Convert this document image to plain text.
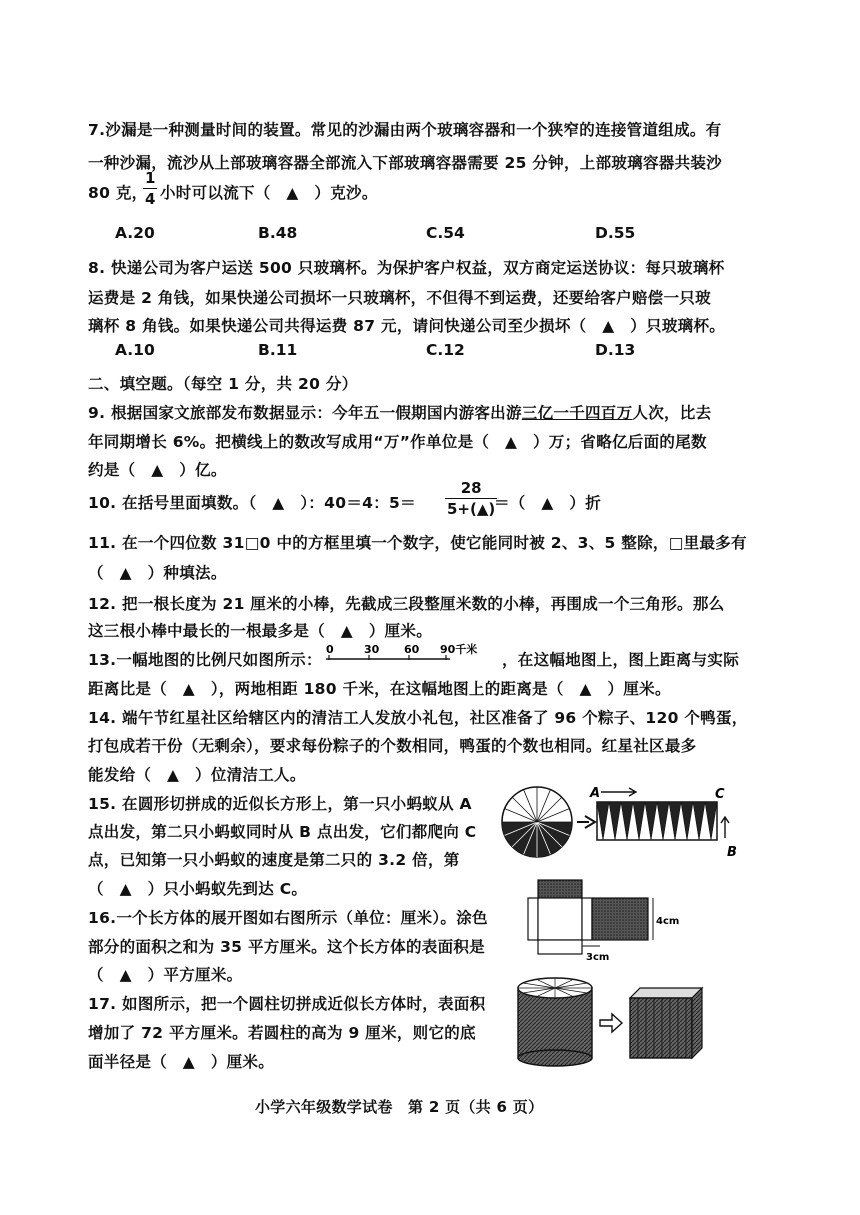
7.沙漏是一种测量时间的装置。常见的沙漏由两个玻璃容器和一个狭窄的连接管道组成。有
一种沙漏，流沙从上部玻璃容器全部流入下部玻璃容器需要 25 分钟，上部玻璃容器共装沙
80 克，
$\frac{1}{4}$ 小时可以流下（　▲　）克沙。
A.20	B.48	C.54	D.55
8. 快递公司为客户运送 500 只玻璃杯。为保护客户权益，双方商定运送协议：每只玻璃杯
运费是 2 角钱，如果快递公司损坏一只玻璃杯，不但得不到运费，还要给客户赔偿一只玻
璃杯 8 角钱。如果快递公司共得运费 87 元，请问快递公司至少损坏（　▲　）只玻璃杯。
A.10	B.11	C.12	D.13
二、填空题。（每空 1 分，共 20 分）
9. 根据国家文旅部发布数据显示：今年五一假期国内游客出游三亿一千四百万人次，比去
年同期增长 6%。把横线上的数改写成用“万”作单位是（　▲　）万；省略亿后面的尾数
约是（　▲　）亿。
10. 在括号里面填数。（　▲　）：40＝4：$5= \frac{28}{5+(▲)}$
＝（　▲　）折
11. 在一个四位数 31□0 中的方框里填一个数字，使它能同时被 2、3、5 整除，□里最多有
（　▲　）种填法。
12. 把一根长度为 21 厘米的小棒，先截成三段整厘米数的小棒，再围成一个三角形。那么
这三根小棒中最长的一根最多是（　▲　）厘米。
13.一幅地图的比例尺如图所示：
0	30 60 90千米
，在这幅地图上，图上距离与实际
距离比是（　▲　），两地相距 180 千米，在这幅地图上的距离是（　▲　）厘米。
14. 端午节红星社区给辖区内的清洁工人发放小礼包，社区准备了 96 个粽子、120 个鸭蛋，
打包成若干份（无剩余），要求每份粽子的个数相同，鸭蛋的个数也相同。红星社区最多
能发给（　▲　）位清洁工人。
15. 在圆形切拼成的近似长方形上，第一只小蚂蚁从 A
点出发，第二只小蚂蚁同时从 B 点出发，它们都爬向 C
点，已知第一只小蚂蚁的速度是第二只的 3.2 倍，第
（　▲　）只小蚂蚁先到达 C。
A	C
B
16.一个长方体的展开图如右图所示（单位：厘米）。涂色
部分的面积之和为 35 平方厘米。这个长方体的表面积是
（　▲　）平方厘米。
4cm
3cm
17. 如图所示，把一个圆柱切拼成近似长方体时，表面积
增加了 72 平方厘米。若圆柱的高为 9 厘米，则它的底
面半径是（　▲　）厘米。
小学六年级数学试卷　第 2 页（共 6 页）
